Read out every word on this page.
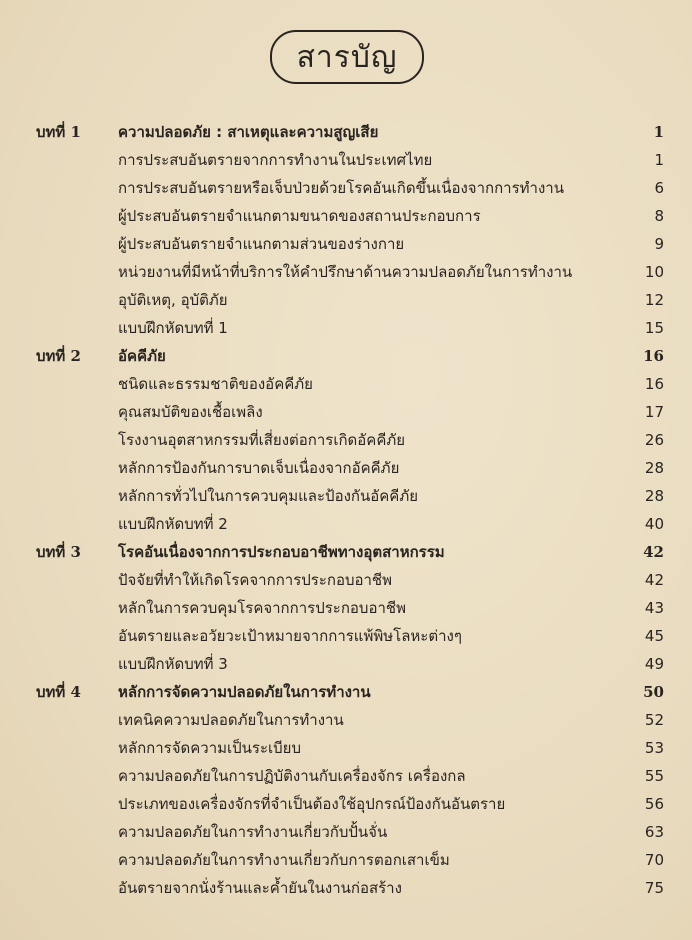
สารบัญ
บทที่ 1 ความปลอดภัย : สาเหตุและความสูญเสีย	1
การประสบอันตรายจากการทำงานในประเทศไทย	1
การประสบอันตรายหรือเจ็บป่วยด้วยโรคอันเกิดขึ้นเนื่องจากการทำงาน	6
ผู้ประสบอันตรายจำแนกตามขนาดของสถานประกอบการ	8
ผู้ประสบอันตรายจำแนกตามส่วนของร่างกาย	9
หน่วยงานที่มีหน้าที่บริการให้คำปรึกษาด้านความปลอดภัยในการทำงาน	10
อุบัติเหตุ, อุบัติภัย	12
แบบฝึกหัดบทที่ 1	15
บทที่ 2 อัคคีภัย	16
ชนิดและธรรมชาติของอัคคีภัย	16
คุณสมบัติของเชื้อเพลิง	17
โรงงานอุตสาหกรรมที่เสี่ยงต่อการเกิดอัคคีภัย	26
หลักการป้องกันการบาดเจ็บเนื่องจากอัคคีภัย	28
หลักการทั่วไปในการควบคุมและป้องกันอัคคีภัย	28
แบบฝึกหัดบทที่ 2	40
บทที่ 3 โรคอันเนื่องจากการประกอบอาชีพทางอุตสาหกรรม	42
ปัจจัยที่ทำให้เกิดโรคจากการประกอบอาชีพ	42
หลักในการควบคุมโรคจากการประกอบอาชีพ	43
อันตรายและอวัยวะเป้าหมายจากการแพ้พิษโลหะต่างๆ	45
แบบฝึกหัดบทที่ 3	49
บทที่ 4 หลักการจัดความปลอดภัยในการทำงาน	50
เทคนิคความปลอดภัยในการทำงาน	52
หลักการจัดความเป็นระเบียบ	53
ความปลอดภัยในการปฏิบัติงานกับเครื่องจักร เครื่องกล	55
ประเภทของเครื่องจักรที่จำเป็นต้องใช้อุปกรณ์ป้องกันอันตราย	56
ความปลอดภัยในการทำงานเกี่ยวกับปั้นจั่น	63
ความปลอดภัยในการทำงานเกี่ยวกับการตอกเสาเข็ม	70
อันตรายจากนั่งร้านและค้ำยันในงานก่อสร้าง	75
